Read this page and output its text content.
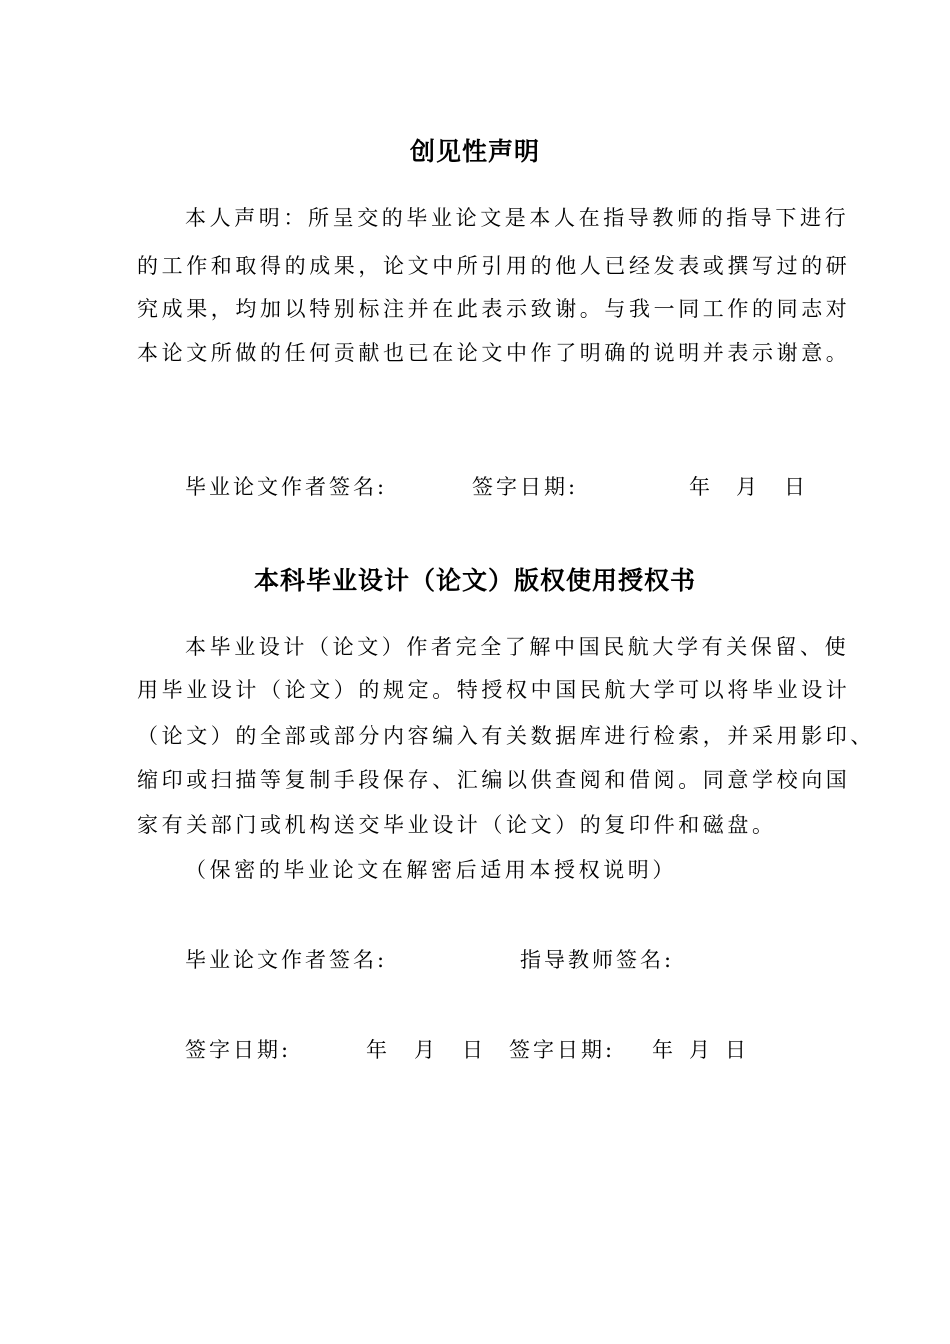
创见性声明
本人声明：所呈交的毕业论文是本人在指导教师的指导下进行
的工作和取得的成果，论文中所引用的他人已经发表或撰写过的研
究成果，均加以特别标注并在此表示致谢。与我一同工作的同志对
本论文所做的任何贡献也已在论文中作了明确的说明并表示谢意。
毕业论文作者签名:	签字日期:	年 月 日
本科毕业设计（论文）版权使用授权书
本毕业设计（论文）作者完全了解中国民航大学有关保留、使
用毕业设计（论文）的规定。特授权中国民航大学可以将毕业设计
（论文）的全部或部分内容编入有关数据库进行检索，并采用影印、
缩印或扫描等复制手段保存、汇编以供查阅和借阅。同意学校向国
家有关部门或机构送交毕业设计（论文）的复印件和磁盘。
（保密的毕业论文在解密后适用本授权说明）
毕业论文作者签名:	指导教师签名:
签字日期:	年 月 日 签字日期: 年 月 日
